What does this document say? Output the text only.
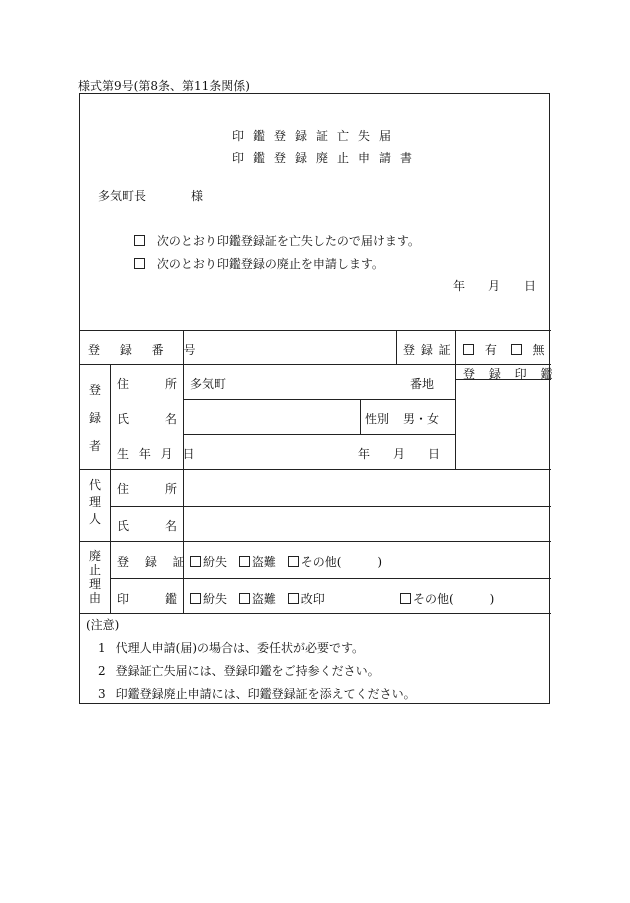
様式第9号(第8条、第11条関係)
印鑑登録証亡失届
印鑑登録廃止申請書
多気町長	様
次のとおり印鑑登録証を亡失したので届けます。
次のとおり印鑑登録の廃止を申請します。
年 月 日
登 録 番 号	登 録 証	有	無
登 録 印 鑑
登
録
者
住	所 多気町	番地
氏	名	性別 男・女
生 年 月 日	年 月 日
代
理
人
住	所
氏	名
廃
止
理
由
登 録 証	紛失 盗難 その他(　　　)
印	鑑	紛失 盗難 改印	その他(　　　)
(注意)
1 代理人申請(届)の場合は、委任状が必要です。
2 登録証亡失届には、登録印鑑をご持参ください。
3 印鑑登録廃止申請には、印鑑登録証を添えてください。
